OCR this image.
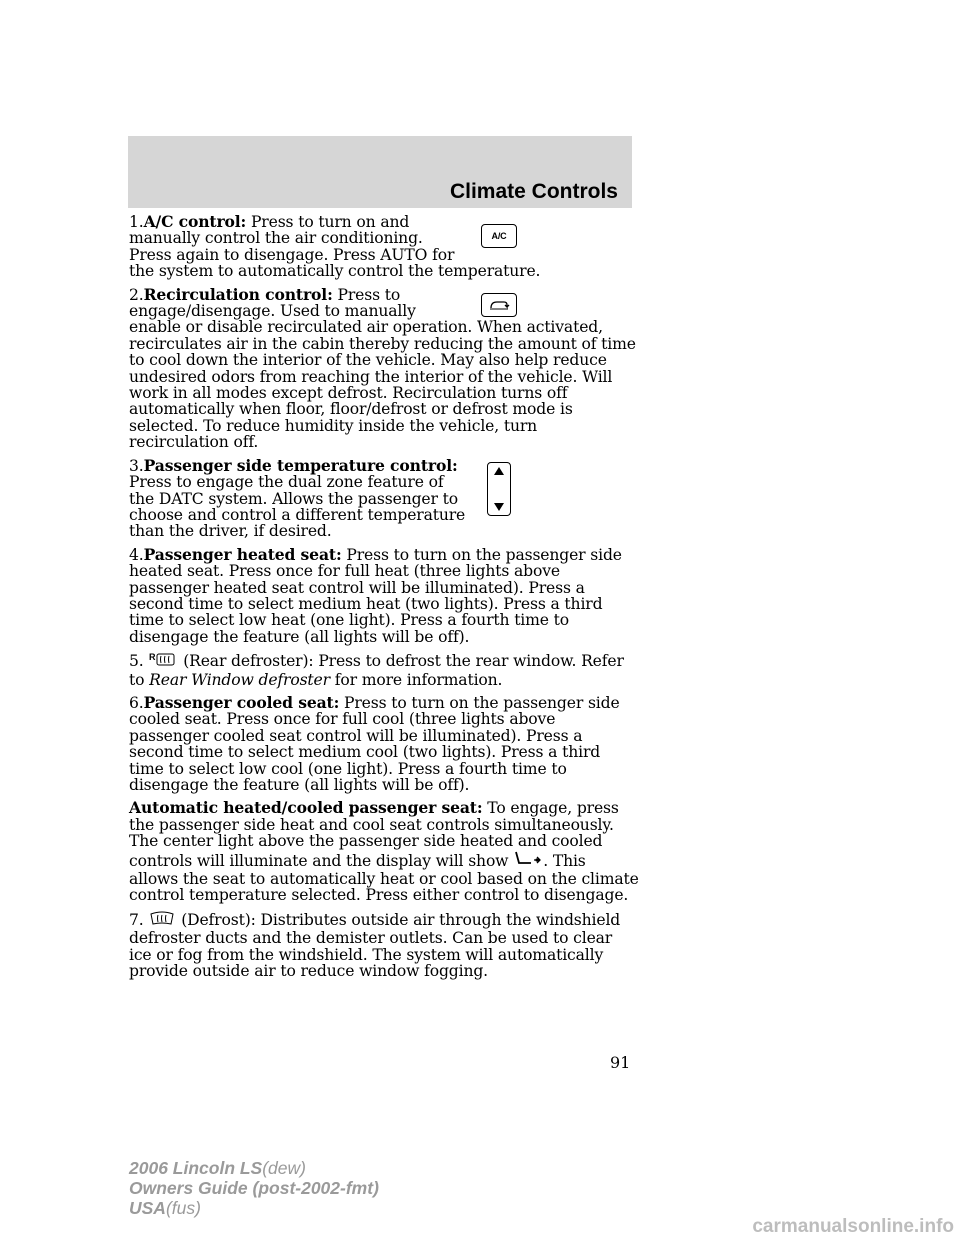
Climate Controls

A/C
1.A/C control: Press to turn on and manually control the air conditioning. Press again to disengage. Press AUTO for the system to automatically control the temperature.

2.Recirculation control: Press to engage/disengage. Used to manually enable or disable recirculated air operation. When activated, recirculates air in the cabin thereby reducing the amount of time to cool down the interior of the vehicle. May also help reduce undesired odors from reaching the interior of the vehicle. Will work in all modes except defrost. Recirculation turns off automatically when floor, floor/defrost or defrost mode is selected. To reduce humidity inside the vehicle, turn recirculation off.

3.Passenger side temperature control: Press to engage the dual zone feature of the DATC system. Allows the passenger to choose and control a different temperature than the driver, if desired.

4.Passenger heated seat: Press to turn on the passenger side heated seat. Press once for full heat (three lights above passenger heated seat control will be illuminated). Press a second time to select medium heat (two lights). Press a third time to select low heat (one light). Press a fourth time to disengage the feature (all lights will be off).

5. R (Rear defroster): Press to defrost the rear window. Refer to Rear Window defroster for more information.

6.Passenger cooled seat: Press to turn on the passenger side cooled seat. Press once for full cool (three lights above passenger cooled seat control will be illuminated). Press a second time to select medium cool (two lights). Press a third time to select low cool (one light). Press a fourth time to disengage the feature (all lights will be off).

Automatic heated/cooled passenger seat: To engage, press the passenger side heat and cool seat controls simultaneously. The center light above the passenger side heated and cooled controls will illuminate and the display will show . This allows the seat to automatically heat or cool based on the climate control temperature selected. Press either control to disengage.

7.  (Defrost): Distributes outside air through the windshield defroster ducts and the demister outlets. Can be used to clear ice or fog from the windshield. The system will automatically provide outside air to reduce window fogging.

91
2006 Lincoln LS(dew)
Owners Guide (post-2002-fmt)
USA(fus)
carmanualsonline.info
